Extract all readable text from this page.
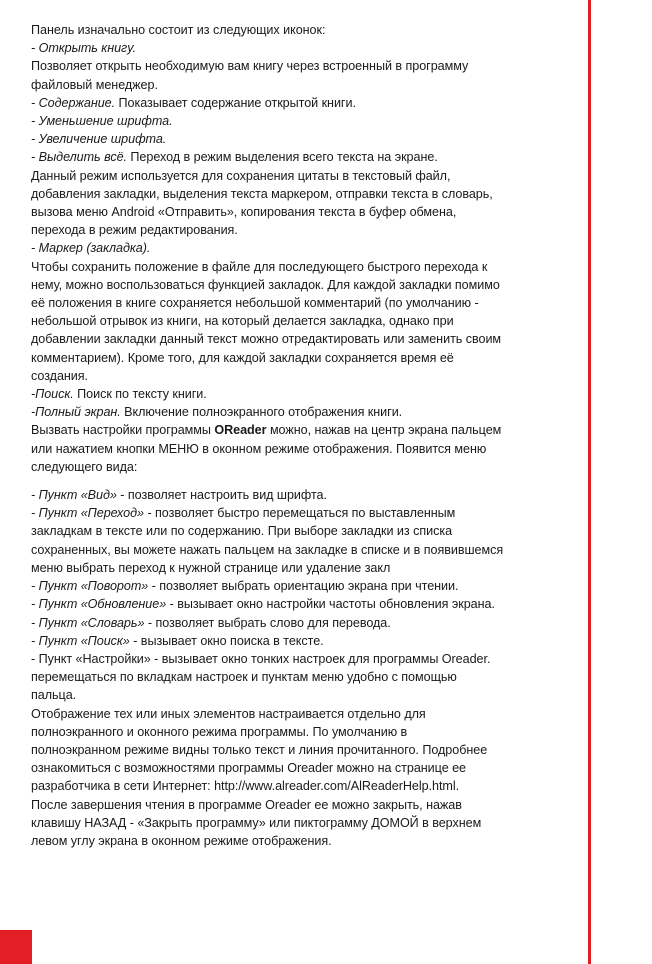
Панель изначально состоит из следующих иконок:

- Открыть книгу.

Позволяет открыть необходимую вам книгу через встроенный в программу

файловый менеджер.

- Содержание. Показывает содержание открытой книги.

- Уменьшение шрифта.

- Увеличение шрифта.

- Выделить всё. Переход в режим выделения всего текста на экране.

Данный режим используется для сохранения цитаты в текстовый файл,

добавления закладки, выделения текста маркером, отправки текста в словарь,

вызова меню Android «Отправить», копирования текста в буфер обмена,

перехода в режим редактирования.

- Маркер (закладка).

Чтобы сохранить положение в файле для последующего быстрого перехода к

нему, можно воспользоваться функцией закладок. Для каждой закладки помимо

её положения в книге сохраняется небольшой комментарий (по умолчанию -

небольшой отрывок из книги, на который делается закладка, однако при

добавлении закладки данный текст можно отредактировать или заменить своим

комментарием). Кроме того, для каждой закладки сохраняется время её

создания.

-Поиск. Поиск по тексту книги.

-Полный экран. Включение полноэкранного отображения книги.

Вызвать настройки программы OReader можно, нажав на центр экрана пальцем

или нажатием кнопки МЕНЮ в оконном режиме отображения. Появится меню

следующего вида:

- Пункт «Вид» - позволяет настроить вид шрифта.

- Пункт «Переход» - позволяет быстро перемещаться по выставленным

закладкам в тексте или по содержанию. При выборе закладки из списка

сохраненных, вы можете нажать пальцем на закладке в списке и в появившемся

меню выбрать переход к нужной странице или удаление закл

- Пункт «Поворот» - позволяет выбрать ориентацию экрана при чтении.

- Пункт «Обновление» - вызывает окно настройки частоты обновления экрана.

- Пункт «Словарь» - позволяет выбрать слово для перевода.

- Пункт «Поиск» - вызывает окно поиска в тексте.

- Пункт «Настройки» - вызывает окно тонких настроек для программы Oreader.

перемещаться по вкладкам настроек и пунктам меню удобно с помощью

пальца.

Отображение тех или иных элементов настраивается отдельно для

полноэкранного и оконного режима программы. По умолчанию в

полноэкранном режиме видны только текст и линия прочитанного. Подробнее

ознакомиться с возможностями программы Oreader можно на странице ее

разработчика в сети Интернет: http://www.alreader.com/AlReaderHelp.html.

После завершения чтения в программе Oreader ее можно закрыть, нажав

клавишу НАЗАД - «Закрыть программу» или пиктограмму ДОМОЙ в верхнем

левом углу экрана в оконном режиме отображения.
